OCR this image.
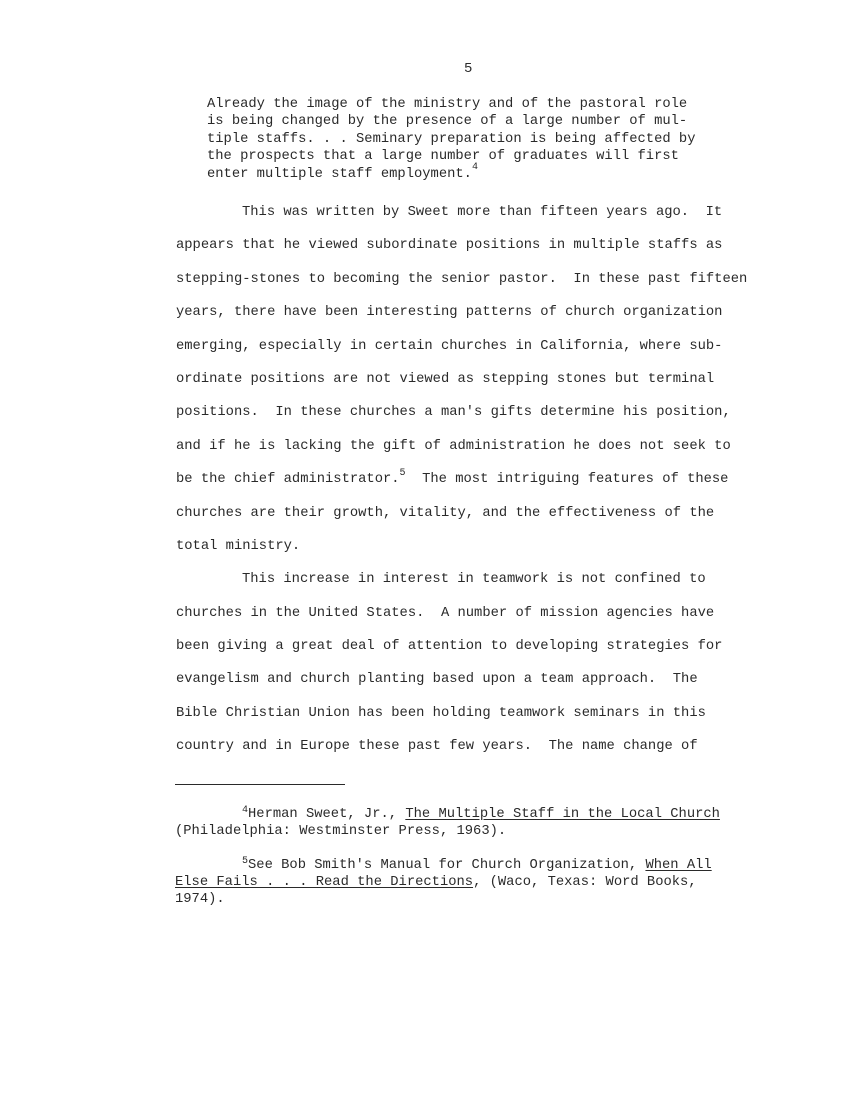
5
Already the image of the ministry and of the pastoral role
is being changed by the presence of a large number of mul-
tiple staffs. . . Seminary preparation is being affected by
the prospects that a large number of graduates will first
enter multiple staff employment.$^4$
This was written by Sweet more than fifteen years ago.  It
appears that he viewed subordinate positions in multiple staffs as
stepping-stones to becoming the senior pastor.  In these past fifteen
years, there have been interesting patterns of church organization
emerging, especially in certain churches in California, where sub-
ordinate positions are not viewed as stepping stones but terminal
positions.  In these churches a man's gifts determine his position,
and if he is lacking the gift of administration he does not seek to
be the chief administrator.$^5$  The most intriguing features of these
churches are their growth, vitality, and the effectiveness of the
total ministry.
This increase in interest in teamwork is not confined to
churches in the United States.  A number of mission agencies have
been giving a great deal of attention to developing strategies for
evangelism and church planting based upon a team approach.  The
Bible Christian Union has been holding teamwork seminars in this
country and in Europe these past few years.  The name change of
$^4$Herman Sweet, Jr., The Multiple Staff in the Local Church
(Philadelphia: Westminster Press, 1963).
$^5$See Bob Smith's Manual for Church Organization, When All
Else Fails . . . Read the Directions, (Waco, Texas: Word Books,
1974).
